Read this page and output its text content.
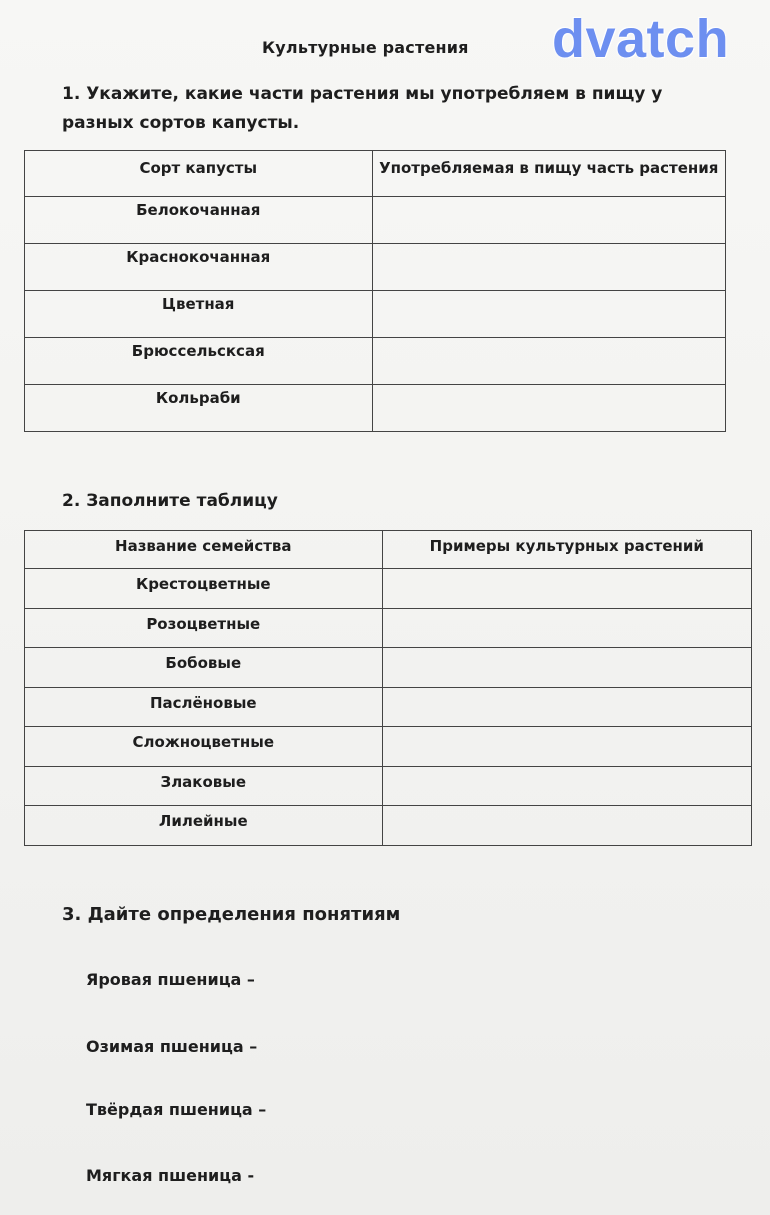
Культурные растения dvatch
1. Укажите, какие части растения мы употребляем в пищу у разных сортов капусты.
Сорт капусты	Употребляемая в пищу часть растения
Белокочанная	
Краснокочанная	
Цветная	
Брюссельсксая	
Кольраби	
2. Заполните таблицу
Название семейства	Примеры культурных растений
Крестоцветные	
Розоцветные	
Бобовые	
Паслёновые	
Сложноцветные	
Злаковые	
Лилейные	
3. Дайте определения понятиям
Яровая пшеница –
Озимая пшеница –
Твёрдая пшеница –
Мягкая пшеница -
